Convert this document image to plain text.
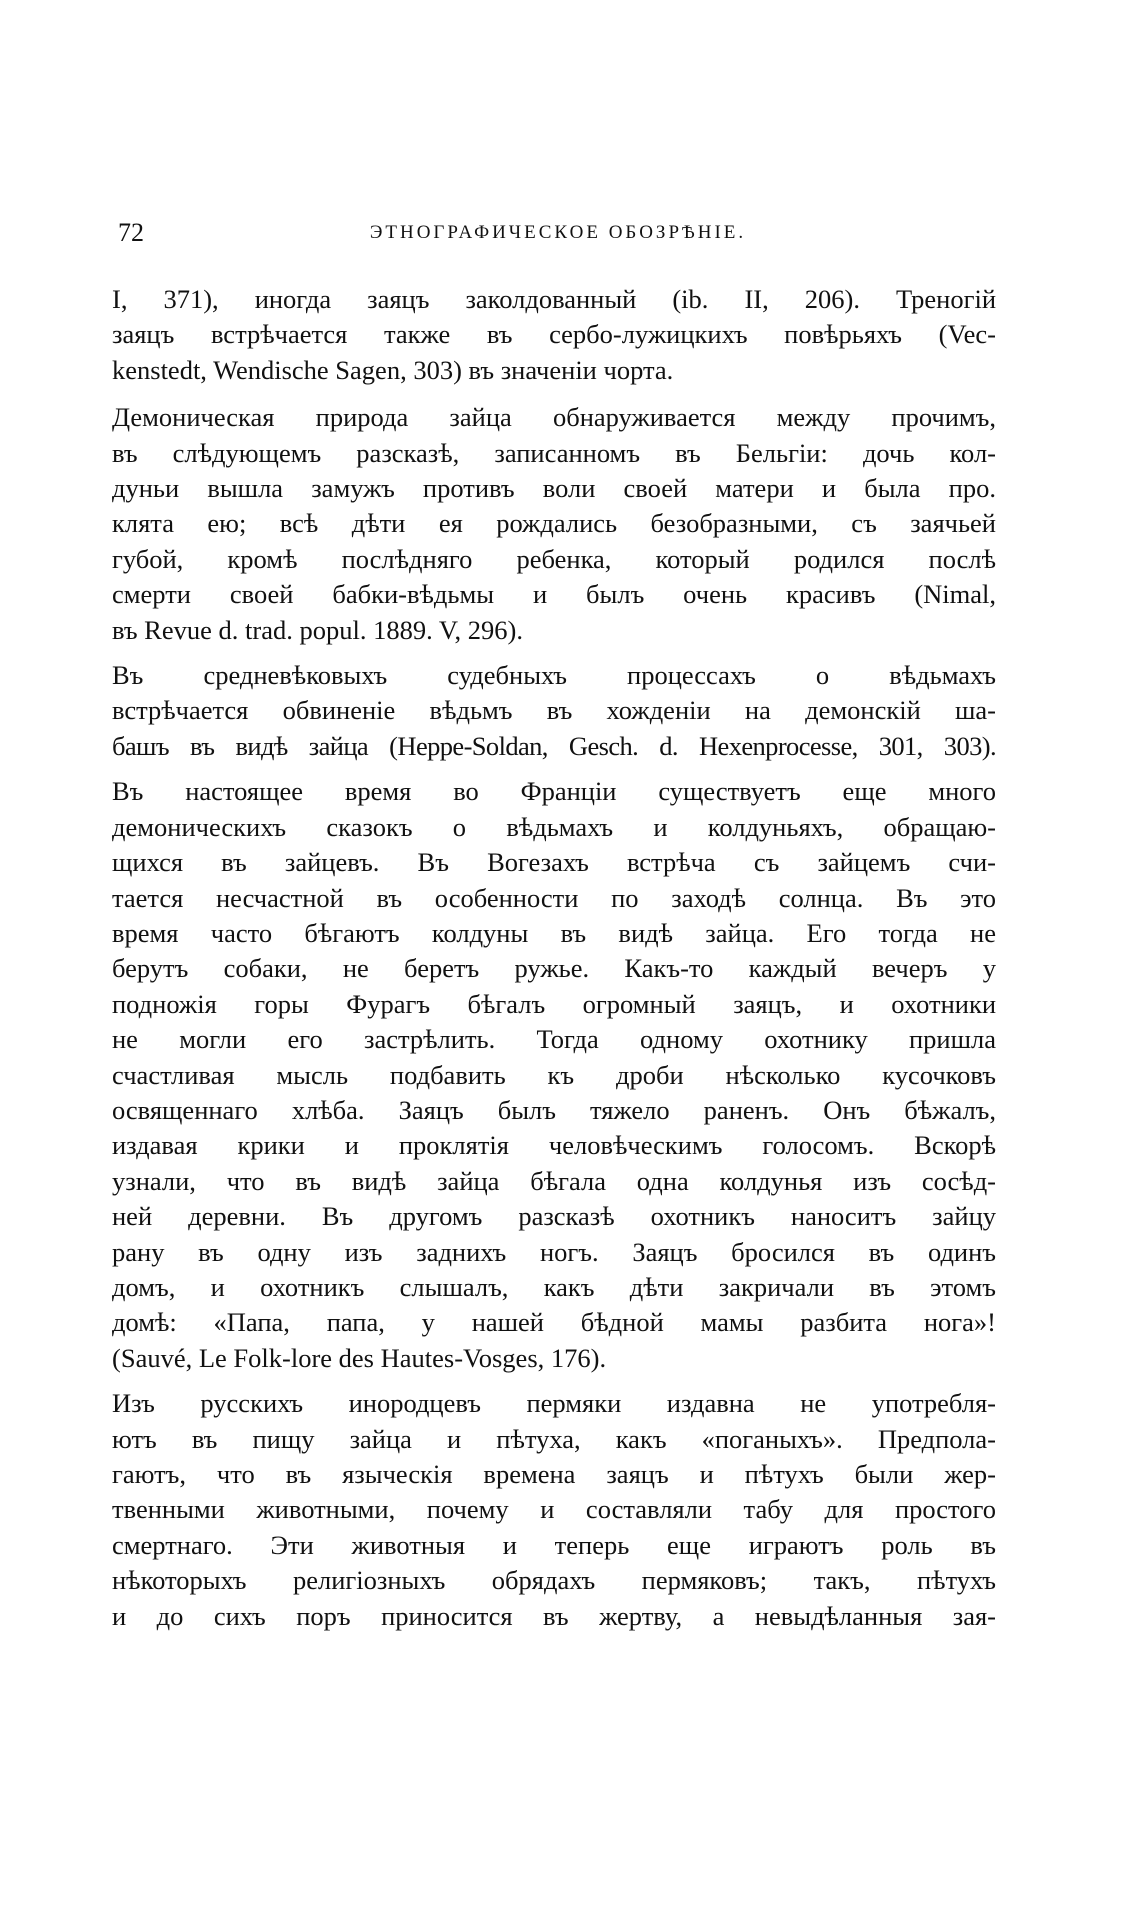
72	ЭТНОГРАФИЧЕСКОЕ ОБОЗРѢНІЕ.
I, 371), иногда заяцъ заколдованный (ib. II, 206). Треногій
заяцъ встрѣчается также въ сербо-лужицкихъ повѣрьяхъ (Vec-
kenstedt, Wendische Sagen, 303) въ значеніи чорта.
Демоническая природа зайца обнаруживается между прочимъ,
въ слѣдующемъ разсказѣ, записанномъ въ Бельгіи: дочь кол-
дуньи вышла замужъ противъ воли своей матери и была про.
клята ею; всѣ дѣти ея рождались безобразными, съ заячьей
губой, кромѣ послѣдняго ребенка, который родился послѣ
смерти своей бабки-вѣдьмы и былъ очень красивъ (Nimal,
въ Revue d. trad. popul. 1889. V, 296).
Въ средневѣковыхъ судебныхъ процессахъ о вѣдьмахъ
встрѣчается обвиненіе вѣдьмъ въ хожденіи на демонскій ша-
башъ въ видѣ зайца (Heppe-Soldan, Gesch. d. Hexenprocesse, 301, 303).
Въ настоящее время во Франціи существуетъ еще много
демоническихъ сказокъ о вѣдьмахъ и колдуньяхъ, обращаю-
щихся въ зайцевъ. Въ Вогезахъ встрѣча съ зайцемъ счи-
тается несчастной въ особенности по заходѣ солнца. Въ это
время часто бѣгаютъ колдуны въ видѣ зайца. Его тогда не
берутъ собаки, не беретъ ружье. Какъ-то каждый вечеръ у
подножія горы Фурагъ бѣгалъ огромный заяцъ, и охотники
не могли его застрѣлить. Тогда одному охотнику пришла
счастливая мысль подбавить къ дроби нѣсколько кусочковъ
освященнаго хлѣба. Заяцъ былъ тяжело раненъ. Онъ бѣжалъ,
издавая крики и проклятія человѣческимъ голосомъ. Вскорѣ
узнали, что въ видѣ зайца бѣгала одна колдунья изъ сосѣд-
ней деревни. Въ другомъ разсказѣ охотникъ наноситъ зайцу
рану въ одну изъ заднихъ ногъ. Заяцъ бросился въ одинъ
домъ, и охотникъ слышалъ, какъ дѣти закричали въ этомъ
домѣ: «Папа, папа, у нашей бѣдной мамы разбита нога»!
(Sauvé, Le Folk-lore des Hautes-Vosges, 176).
Изъ русскихъ инородцевъ пермяки издавна не употребля-
ютъ въ пищу зайца и пѣтуха, какъ «поганыхъ». Предпола-
гаютъ, что въ языческія времена заяцъ и пѣтухъ были жер-
твенными животными, почему и составляли табу для простого
смертнаго. Эти животныя и теперь еще играютъ роль въ
нѣкоторыхъ религіозныхъ обрядахъ пермяковъ; такъ, пѣтухъ
и до сихъ поръ приносится въ жертву, а невыдѣланныя зая-
